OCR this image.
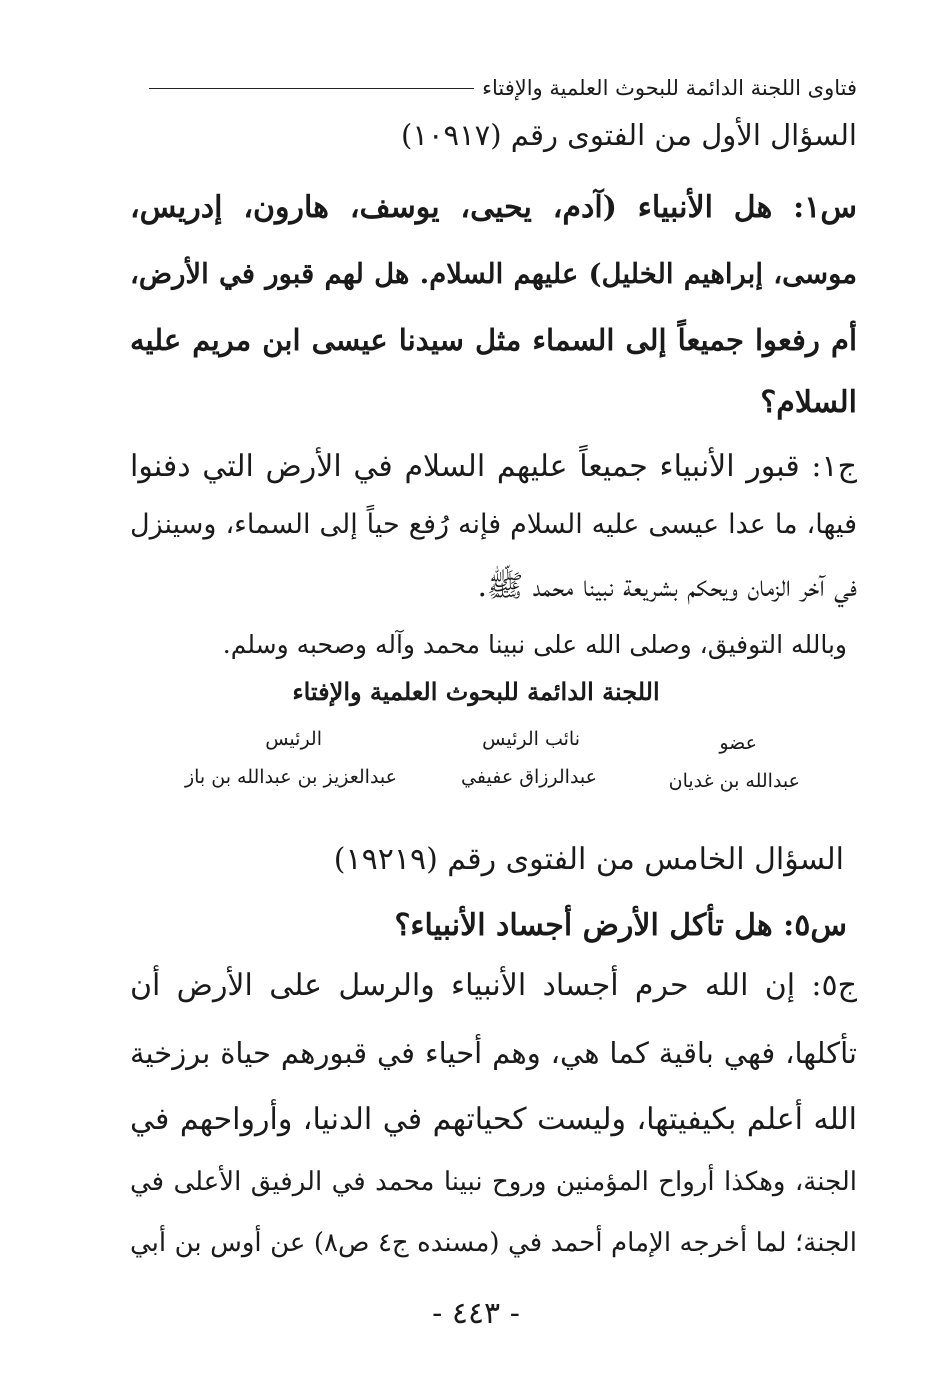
فتاوى اللجنة الدائمة للبحوث العلمية والإفتاء
السؤال الأول من الفتوى رقم (١٠٩١٧)
س١: هل الأنبياء (آدم، يحيى، يوسف، هارون، إدريس،
موسى، إبراهيم الخليل) عليهم السلام. هل لهم قبور في الأرض،
أم رفعوا جميعاً إلى السماء مثل سيدنا عيسى ابن مريم عليه
السلام؟
ج١: قبور الأنبياء جميعاً عليهم السلام في الأرض التي دفنوا
فيها، ما عدا عيسى عليه السلام فإنه رُفع حياً إلى السماء، وسينزل
في آخر الزمان ويحكم بشريعة نبينا محمد ﷺ.
وبالله التوفيق، وصلى الله على نبينا محمد وآله وصحبه وسلم.
اللجنة الدائمة للبحوث العلمية والإفتاء
الرئيس	نائب الرئيس	عضو
عبدالعزيز بن عبدالله بن باز	عبدالرزاق عفيفي	عبدالله بن غديان
السؤال الخامس من الفتوى رقم (١٩٢١٩)
س٥: هل تأكل الأرض أجساد الأنبياء؟
ج٥: إن الله حرم أجساد الأنبياء والرسل على الأرض أن
تأكلها، فهي باقية كما هي، وهم أحياء في قبورهم حياة برزخية
الله أعلم بكيفيتها، وليست كحياتهم في الدنيا، وأرواحهم في
الجنة، وهكذا أرواح المؤمنين وروح نبينا محمد في الرفيق الأعلى في
الجنة؛ لما أخرجه الإمام أحمد في (مسنده ج٤ ص٨) عن أوس بن أبي
- ٤٤٣ -
